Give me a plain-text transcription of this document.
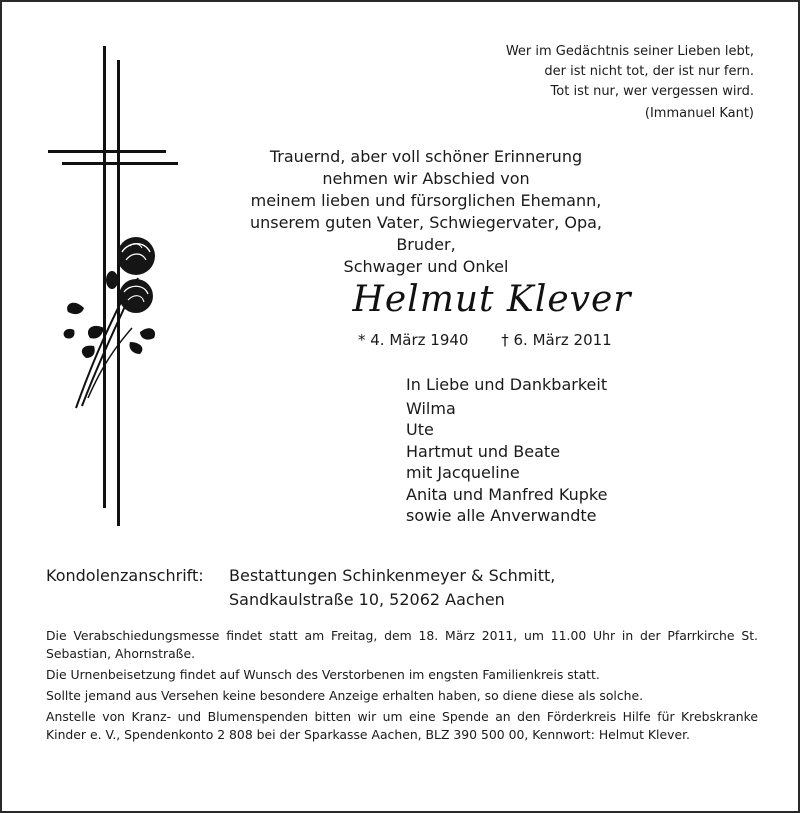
Wer im Gedächtnis seiner Lieben lebt,
der ist nicht tot, der ist nur fern.
Tot ist nur, wer vergessen wird.
(Immanuel Kant)
Trauernd, aber voll schöner Erinnerung
nehmen wir Abschied von
meinem lieben und fürsorglichen Ehemann,
unserem guten Vater, Schwiegervater, Opa, Bruder,
Schwager und Onkel
Helmut Klever
* 4. März 1940 † 6. März 2011
In Liebe und Dankbarkeit
Wilma
Ute
Hartmut und Beate
mit Jacqueline
Anita und Manfred Kupke
sowie alle Anverwandte
Kondolenzanschrift: Bestattungen Schinkenmeyer & Schmitt,
Sandkaulstraße 10, 52062 Aachen

Die Verabschiedungsmesse findet statt am Freitag, dem 18. März 2011, um 11.00 Uhr in der Pfarrkirche St. Sebastian, Ahornstraße.

Die Urnenbeisetzung findet auf Wunsch des Verstorbenen im engsten Familienkreis statt.

Sollte jemand aus Versehen keine besondere Anzeige erhalten haben, so diene diese als solche.

Anstelle von Kranz- und Blumenspenden bitten wir um eine Spende an den Förderkreis Hilfe für Krebskranke Kinder e. V., Spendenkonto 2 808 bei der Sparkasse Aachen, BLZ 390 500 00, Kennwort: Helmut Klever.
